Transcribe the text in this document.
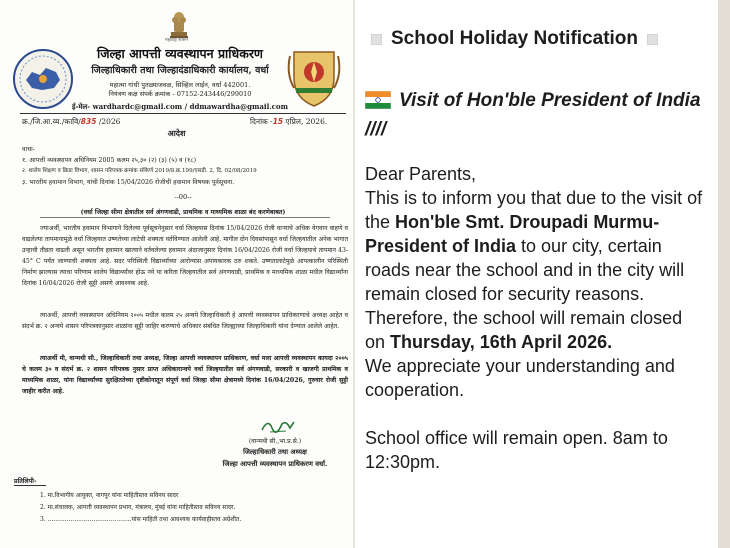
महाराष्ट्र शासन
जिल्हा आपत्ती व्यवस्थापन प्राधिकरण
जिल्हाधिकारी तथा जिल्हादंडाधिकारी कार्यालय, वर्धा
महात्मा गांधी पुतळ्याजवळ, सिव्हिल लाईन, वर्धा 442001.
नियंत्रण कक्ष संपर्क क्रमांक - 07152-243446/299010
ई-मेल- wardhardc@gmail.com / ddmawardha@gmail.com
क्र./जि.आ.व्य./कावि/835 /2026	दिनांक -15 एप्रिल, 2026.
आदेश
वाचा-
१. आपत्ती व्यवस्थापन अधिनियम 2005 कलम २५,३० (२) (३) (५) व (१८)
२. शालेय शिक्षण व क्रिडा विभाग, शासन परिपत्रक क्रमांक संकिर्ण 2019/प्र.क्र.199/एसडी. 2, दि. 02/08/2019
३. भारतीय हवामान विभाग, यांची दिनांक 15/04/2026 रोजीची हवामान विषयक पूर्वसूचना.
--00--
(वर्धा जिल्हा सीमा क्षेत्रातील सर्व अंगणवाडी, प्राथमिक व माध्यमिक शाळा बंद करणेबाबत)
ज्याअर्थी, भारतीय हवामान विभागाने दिलेल्या पूर्वसूचनेनुसार वर्धा जिल्हयास दिनांक 15/04/2026 रोजी वाऱ्याचे अधिक वेगवान वाहणे व वाढलेल्या तापमानामुळे वर्धा जिल्हयात उष्णतेच्या लाटेची शक्यता वर्तविण्यात आलेली आहे. मागील दोन दिवसांपासून वर्धा जिल्हयातील अनेक भागात उन्हाची तीव्रता वाढली असून भारतीय हवामान खात्याने वर्तवलेल्या हवामान अंदाजानुसार दिनांक 16/04/2026 रोजी वर्धा जिल्हयाचे तापमान 43-45° C पर्यंत जाण्याची शक्यता आहे. सदर परिस्थिती विद्यार्थ्यांच्या आरोग्यास अपायकारक ठरु शकते. उष्णतालाटेमुळे आपत्कालीन परिस्थिती निर्माण झाल्यास त्याचा परिणाम शालेय विद्यार्थ्यांवर होऊ नये या करिता जिल्हयातील सर्व अंगणवाडी, प्राथमिक व माध्यमिक शाळा मधील विद्यार्थ्यांना दिनांक 16/04/2026 रोजी सुट्टी असणे आवश्यक आहे.
त्याअर्थी, आपत्ती व्यवस्थापन अधिनियम २००५ मधील कलम २५ अन्वये जिल्हाधिकारी हे आपत्ती व्यवस्थापन प्राधिकरणाचे अध्यक्ष आहेत व संदर्भ क्र. २ अन्वये शासन परिपत्रकानुसार शाळांना सुट्टी जाहिर करण्याचे अधिकार संबंधित जिल्ह्याच्या जिल्हाधिकारी यांना देण्यात आलेले आहेत.
त्याअर्थी मी, वान्मथी सी., जिल्हाधिकारी तथा अध्यक्ष, जिल्हा आपत्ती व्यवस्थापन प्राधिकरण, वर्धा मला आपत्ती व्यवस्थापन कायदा २००५ चे कलम ३० व संदर्भ क्र. २ शासन परिपत्रक नुसार प्राप्त अधिकारान्वये वर्धा जिल्हयातील सर्व अंगणवाडी, सरकारी व खाजगी प्राथमिक व माध्यमिक शाळा, यांना विद्यार्थ्यांच्या सुरक्षिततेच्या दृष्टीकोनातून संपूर्ण वर्धा जिल्हा सीमा क्षेत्रामध्ये दिनांक 16/04/2026, गुरुवार रोजी सुट्टी जाहीर करीत आहे.
(वान्मथी सी.,भा.प्र.से.)
जिल्हाधिकारी तथा अध्यक्ष
जिल्हा आपत्ती व्यवस्थापन प्राधिकरण वर्धा.
प्रतिलिपी-
1. मा.विभागीय आयुक्त, नागपूर यांना माहितीस्तव सविनय सादर
2. मा.संचालक, आपत्ती व्यवस्थापन प्रभाग, मंत्रालय, मुंबई यांना माहितीस्तव सविनय सादर.
3. ............................................यांस माहिती तथा आवश्यक कार्यवाहीस्तव अग्रेशीत.
School Holiday Notification
Visit of Hon'ble President of India ////
Dear Parents,
This is to inform you that due to the visit of the Hon'ble Smt. Droupadi Murmu-President of India to our city, certain roads near the school and in the city will remain closed for security reasons.
Therefore, the school will remain closed on Thursday, 16th April 2026.
We appreciate your understanding and cooperation.
School office will remain open. 8am to 12:30pm.
